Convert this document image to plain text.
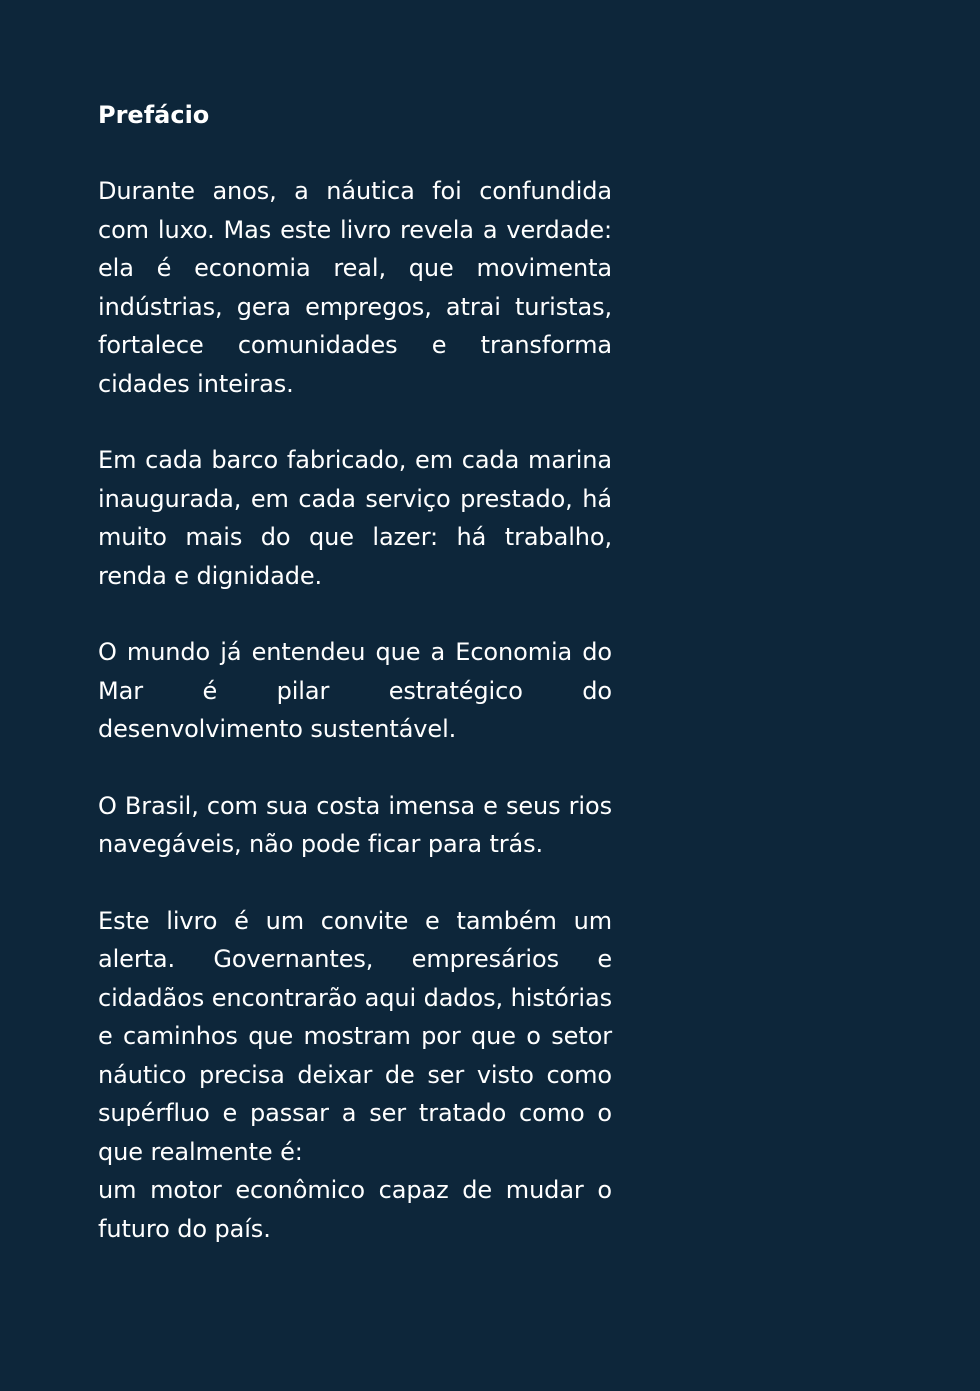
Prefácio

Durante anos, a náutica foi confundida com luxo. Mas este livro revela a verdade: ela é economia real, que movimenta indústrias, gera empregos, atrai turistas, fortalece comunidades e transforma cidades inteiras.

Em cada barco fabricado, em cada marina inaugurada, em cada serviço prestado, há muito mais do que lazer: há trabalho, renda e dignidade.

O mundo já entendeu que a Economia do Mar é pilar estratégico do desenvolvimento sustentável.

O Brasil, com sua costa imensa e seus rios navegáveis, não pode ficar para trás.

Este livro é um convite e também um alerta. Governantes, empresários e cidadãos encontrarão aqui dados, histórias e caminhos que mostram por que o setor náutico precisa deixar de ser visto como supérfluo e passar a ser tratado como o que realmente é:
um motor econômico capaz de mudar o futuro do país.
